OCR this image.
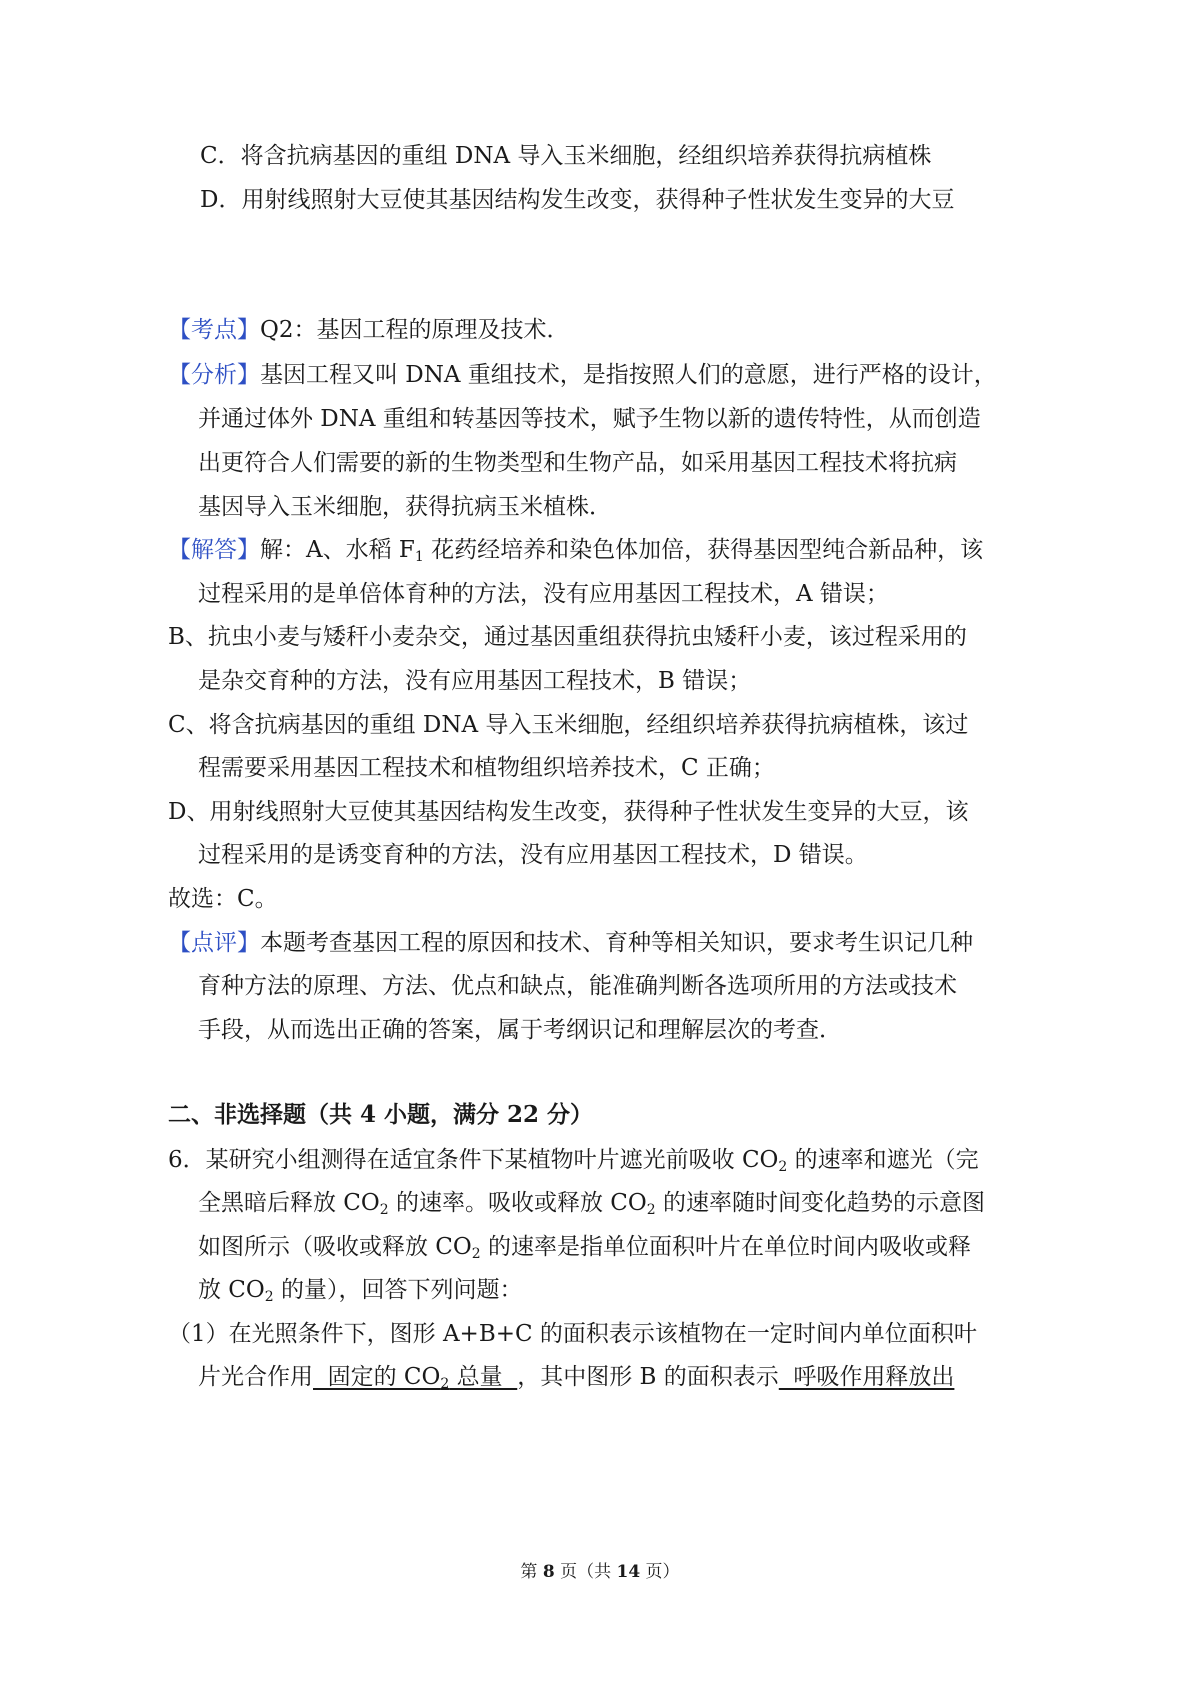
C．将含抗病基因的重组 DNA 导入玉米细胞，经组织培养获得抗病植株
D．用射线照射大豆使其基因结构发生改变，获得种子性状发生变异的大豆
【考点】Q2：基因工程的原理及技术．
【分析】基因工程又叫 DNA 重组技术，是指按照人们的意愿，进行严格的设计，
并通过体外 DNA 重组和转基因等技术，赋予生物以新的遗传特性，从而创造
出更符合人们需要的新的生物类型和生物产品，如采用基因工程技术将抗病
基因导入玉米细胞，获得抗病玉米植株．
【解答】解：A、水稻 $F_1$ 花药经培养和染色体加倍，获得基因型纯合新品种，该
过程采用的是单倍体育种的方法，没有应用基因工程技术，A 错误；
B、抗虫小麦与矮秆小麦杂交，通过基因重组获得抗虫矮秆小麦，该过程采用的
是杂交育种的方法，没有应用基因工程技术，B 错误；
C、将含抗病基因的重组 DNA 导入玉米细胞，经组织培养获得抗病植株，该过
程需要采用基因工程技术和植物组织培养技术，C 正确；
D、用射线照射大豆使其基因结构发生改变，获得种子性状发生变异的大豆，该
过程采用的是诱变育种的方法，没有应用基因工程技术，D 错误。
故选：C。
【点评】本题考查基因工程的原因和技术、育种等相关知识，要求考生识记几种
育种方法的原理、方法、优点和缺点，能准确判断各选项所用的方法或技术
手段，从而选出正确的答案，属于考纲识记和理解层次的考查．
二、非选择题（共 4 小题，满分 22 分）
6．某研究小组测得在适宜条件下某植物叶片遮光前吸收 $CO_2$ 的速率和遮光（完
全黑暗后释放 $CO_2$ 的速率。吸收或释放 $CO_2$ 的速率随时间变化趋势的示意图
如图所示（吸收或释放 $CO_2$ 的速率是指单位面积叶片在单位时间内吸收或释
放 $CO_2$ 的量），回答下列问题：
（1）在光照条件下，图形 A+B+C 的面积表示该植物在一定时间内单位面积叶
片光合作用  固定的 $CO_2$ 总量  ，其中图形 B 的面积表示  呼吸作用释放出
第 8 页（共 14 页）
